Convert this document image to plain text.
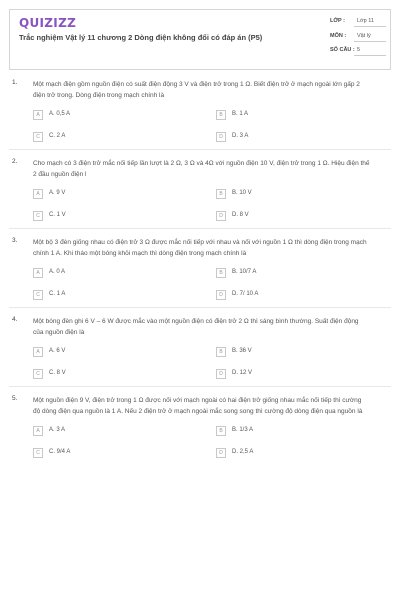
QUIZIZZ
Trắc nghiệm Vật lý 11 chương 2 Dòng điện không đổi có đáp án (P5)
LỚP :	Lớp 11
MÔN :	Vật lý
SỐ CÂU : 5
1. Một mạch điện gồm nguồn điện có suất điện động 3 V và điện trở trong 1 Ω. Biết điện trở ở mạch ngoài lớn gấp 2
điện trở trong. Dòng điện trong mạch chính là
A	A. 0,5 A	B	B. 1 A
C	C. 2 A	D	D. 3 A
2. Cho mạch có 3 điện trở mắc nối tiếp lần lượt là 2 Ω, 3 Ω và 4Ω với nguồn điện 10 V, điện trở trong 1 Ω. Hiệu điện thế
2 đầu nguồn điện l
A	A. 9 V	B	B. 10 V
C	C. 1 V	D	D. 8 V
3. Một bộ 3 đèn giống nhau có điện trở 3 Ω được mắc nối tiếp với nhau và nối với nguồn 1 Ω thì dòng điện trong mạch
chính 1 A. Khi tháo một bóng khỏi mạch thì dòng điện trong mạch chính là
A	A. 0 A	B	B. 10/7 A
C	C. 1 A	D	D. 7/ 10 A
4. Một bóng đèn ghi 6 V – 6 W được mắc vào một nguồn điện có điện trở 2 Ω thì sáng bình thường. Suất điện động
của nguồn điện là
A	A. 6 V	B	B. 36 V
C	C. 8 V	D	D. 12 V
5. Một nguồn điện 9 V, điện trở trong 1 Ω được nối với mạch ngoài có hai điện trở giống nhau mắc nối tiếp thì cường
độ dòng điện qua nguồn là 1 A. Nếu 2 điện trở ở mạch ngoài mắc song song thì cường độ dòng điện qua nguồn là
A	A. 3 A	B	B. 1/3 A
C	C. 9/4 A	D	D. 2,5 A
